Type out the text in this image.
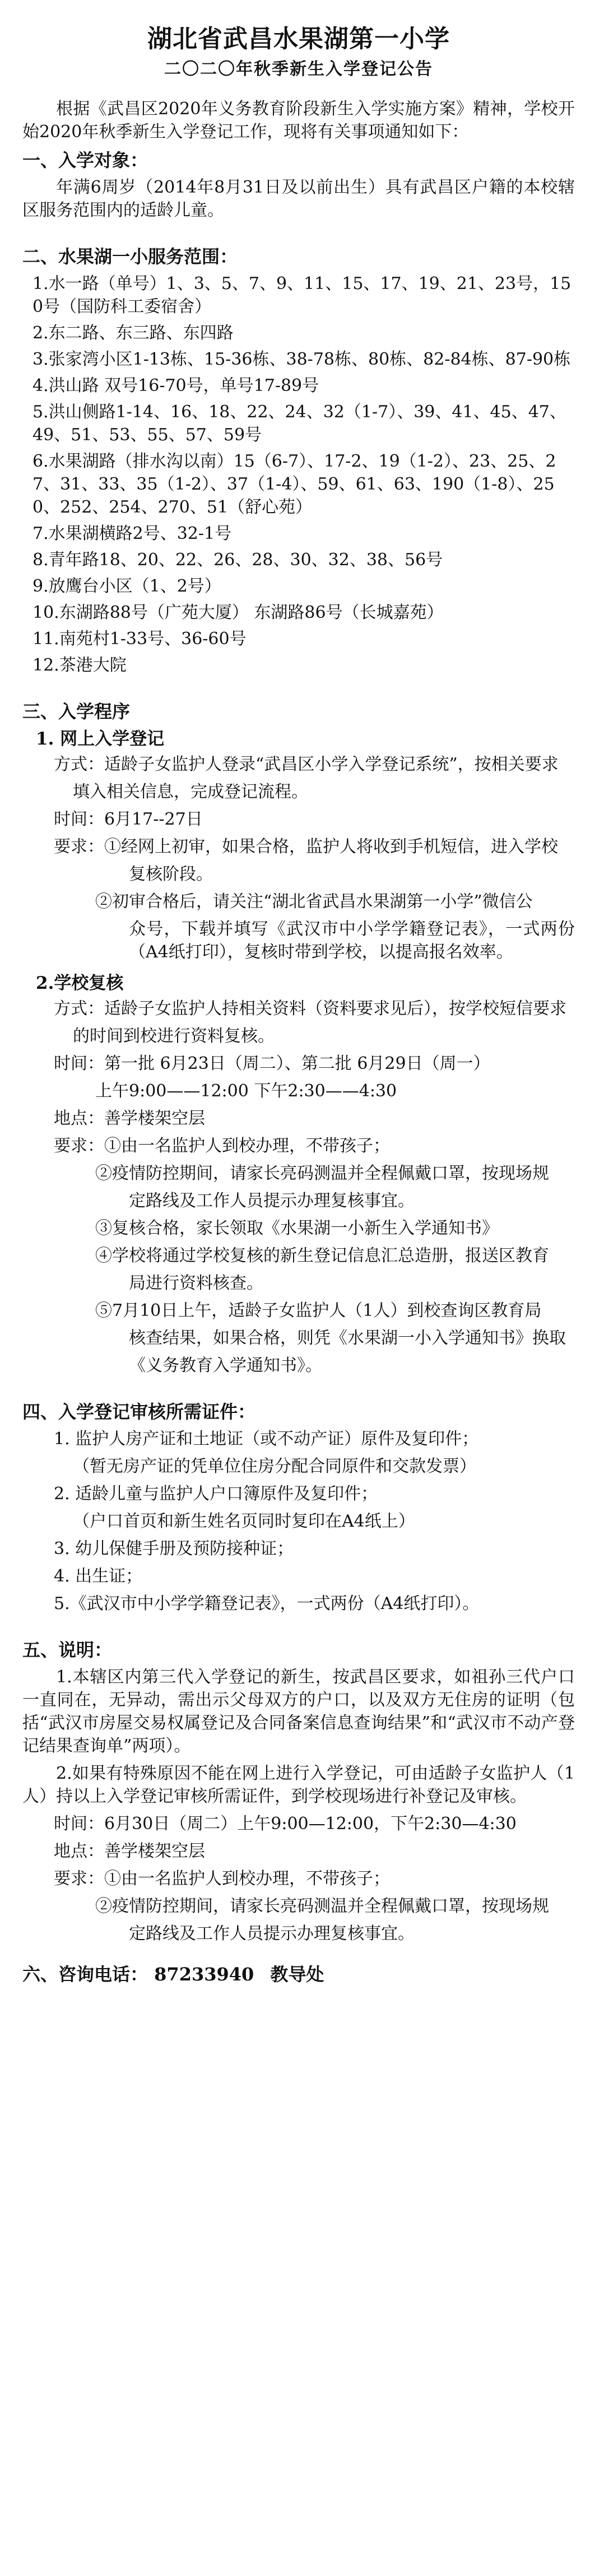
湖北省武昌水果湖第一小学
二〇二〇年秋季新生入学登记公告

根据《武昌区2020年义务教育阶段新生入学实施方案》精神，学校开始2020年秋季新生入学登记工作，现将有关事项通知如下：

一、入学对象：

年满6周岁（2014年8月31日及以前出生）具有武昌区户籍的本校辖区服务范围内的适龄儿童。

二、水果湖一小服务范围：
1.水一路（单号）1、3、5、7、9、11、15、17、19、21、23号，150号（国防科工委宿舍）
2.东二路、东三路、东四路
3.张家湾小区1-13栋、15-36栋、38-78栋、80栋、82-84栋、87-90栋
4.洪山路 双号16-70号，单号17-89号
5.洪山侧路1-14、16、18、22、24、32（1-7）、39、41、45、47、49、51、53、55、57、59号
6.水果湖路（排水沟以南）15（6-7）、17-2、19（1-2）、23、25、27、31、33、35（1-2）、37（1-4）、59、61、63、190（1-8）、250、252、254、270、51（舒心苑）
7.水果湖横路2号、32-1号
8.青年路18、20、22、26、28、30、32、38、56号
9.放鹰台小区（1、2号）
10.东湖路88号（广苑大厦） 东湖路86号（长城嘉苑）
11.南苑村1-33号、36-60号
12.茶港大院
三、入学程序
1. 网上入学登记

方式：适龄子女监护人登录“武昌区小学入学登记系统”，按相关要求

填入相关信息，完成登记流程。

时间：6月17--27日

要求：①经网上初审，如果合格，监护人将收到手机短信，进入学校

复核阶段。

②初审合格后，请关注“湖北省武昌水果湖第一小学”微信公

众号，下载并填写《武汉市中小学学籍登记表》，一式两份（A4纸打印），复核时带到学校，以提高报名效率。

2.学校复核

方式：适龄子女监护人持相关资料（资料要求见后），按学校短信要求

的时间到校进行资料复核。

时间：第一批 6月23日（周二）、第二批 6月29日（周一）

上午9:00——12:00 下午2:30——4:30

地点：善学楼架空层

要求：①由一名监护人到校办理，不带孩子；

②疫情防控期间，请家长亮码测温并全程佩戴口罩，按现场规

定路线及工作人员提示办理复核事宜。

③复核合格，家长领取《水果湖一小新生入学通知书》

④学校将通过学校复核的新生登记信息汇总造册，报送区教育

局进行资料核查。

⑤7月10日上午，适龄子女监护人（1人）到校查询区教育局

核查结果，如果合格，则凭《水果湖一小入学通知书》换取

《义务教育入学通知书》。

四、入学登记审核所需证件：

1. 监护人房产证和土地证（或不动产证）原件及复印件；

（暂无房产证的凭单位住房分配合同原件和交款发票）

2. 适龄儿童与监护人户口簿原件及复印件；

（户口首页和新生姓名页同时复印在A4纸上）

3. 幼儿保健手册及预防接种证；

4. 出生证；

5.《武汉市中小学学籍登记表》，一式两份（A4纸打印）。

五、说明：

1.本辖区内第三代入学登记的新生，按武昌区要求，如祖孙三代户口一直同在，无异动，需出示父母双方的户口，以及双方无住房的证明（包括“武汉市房屋交易权属登记及合同备案信息查询结果”和“武汉市不动产登记结果查询单”两项）。

2.如果有特殊原因不能在网上进行入学登记，可由适龄子女监护人（1人）持以上入学登记审核所需证件，到学校现场进行补登记及审核。

时间：6月30日（周二）上午9:00—12:00，下午2:30—4:30

地点：善学楼架空层

要求：①由一名监护人到校办理，不带孩子；

②疫情防控期间，请家长亮码测温并全程佩戴口罩，按现场规

定路线及工作人员提示办理复核事宜。

六、咨询电话： 87233940 教导处
